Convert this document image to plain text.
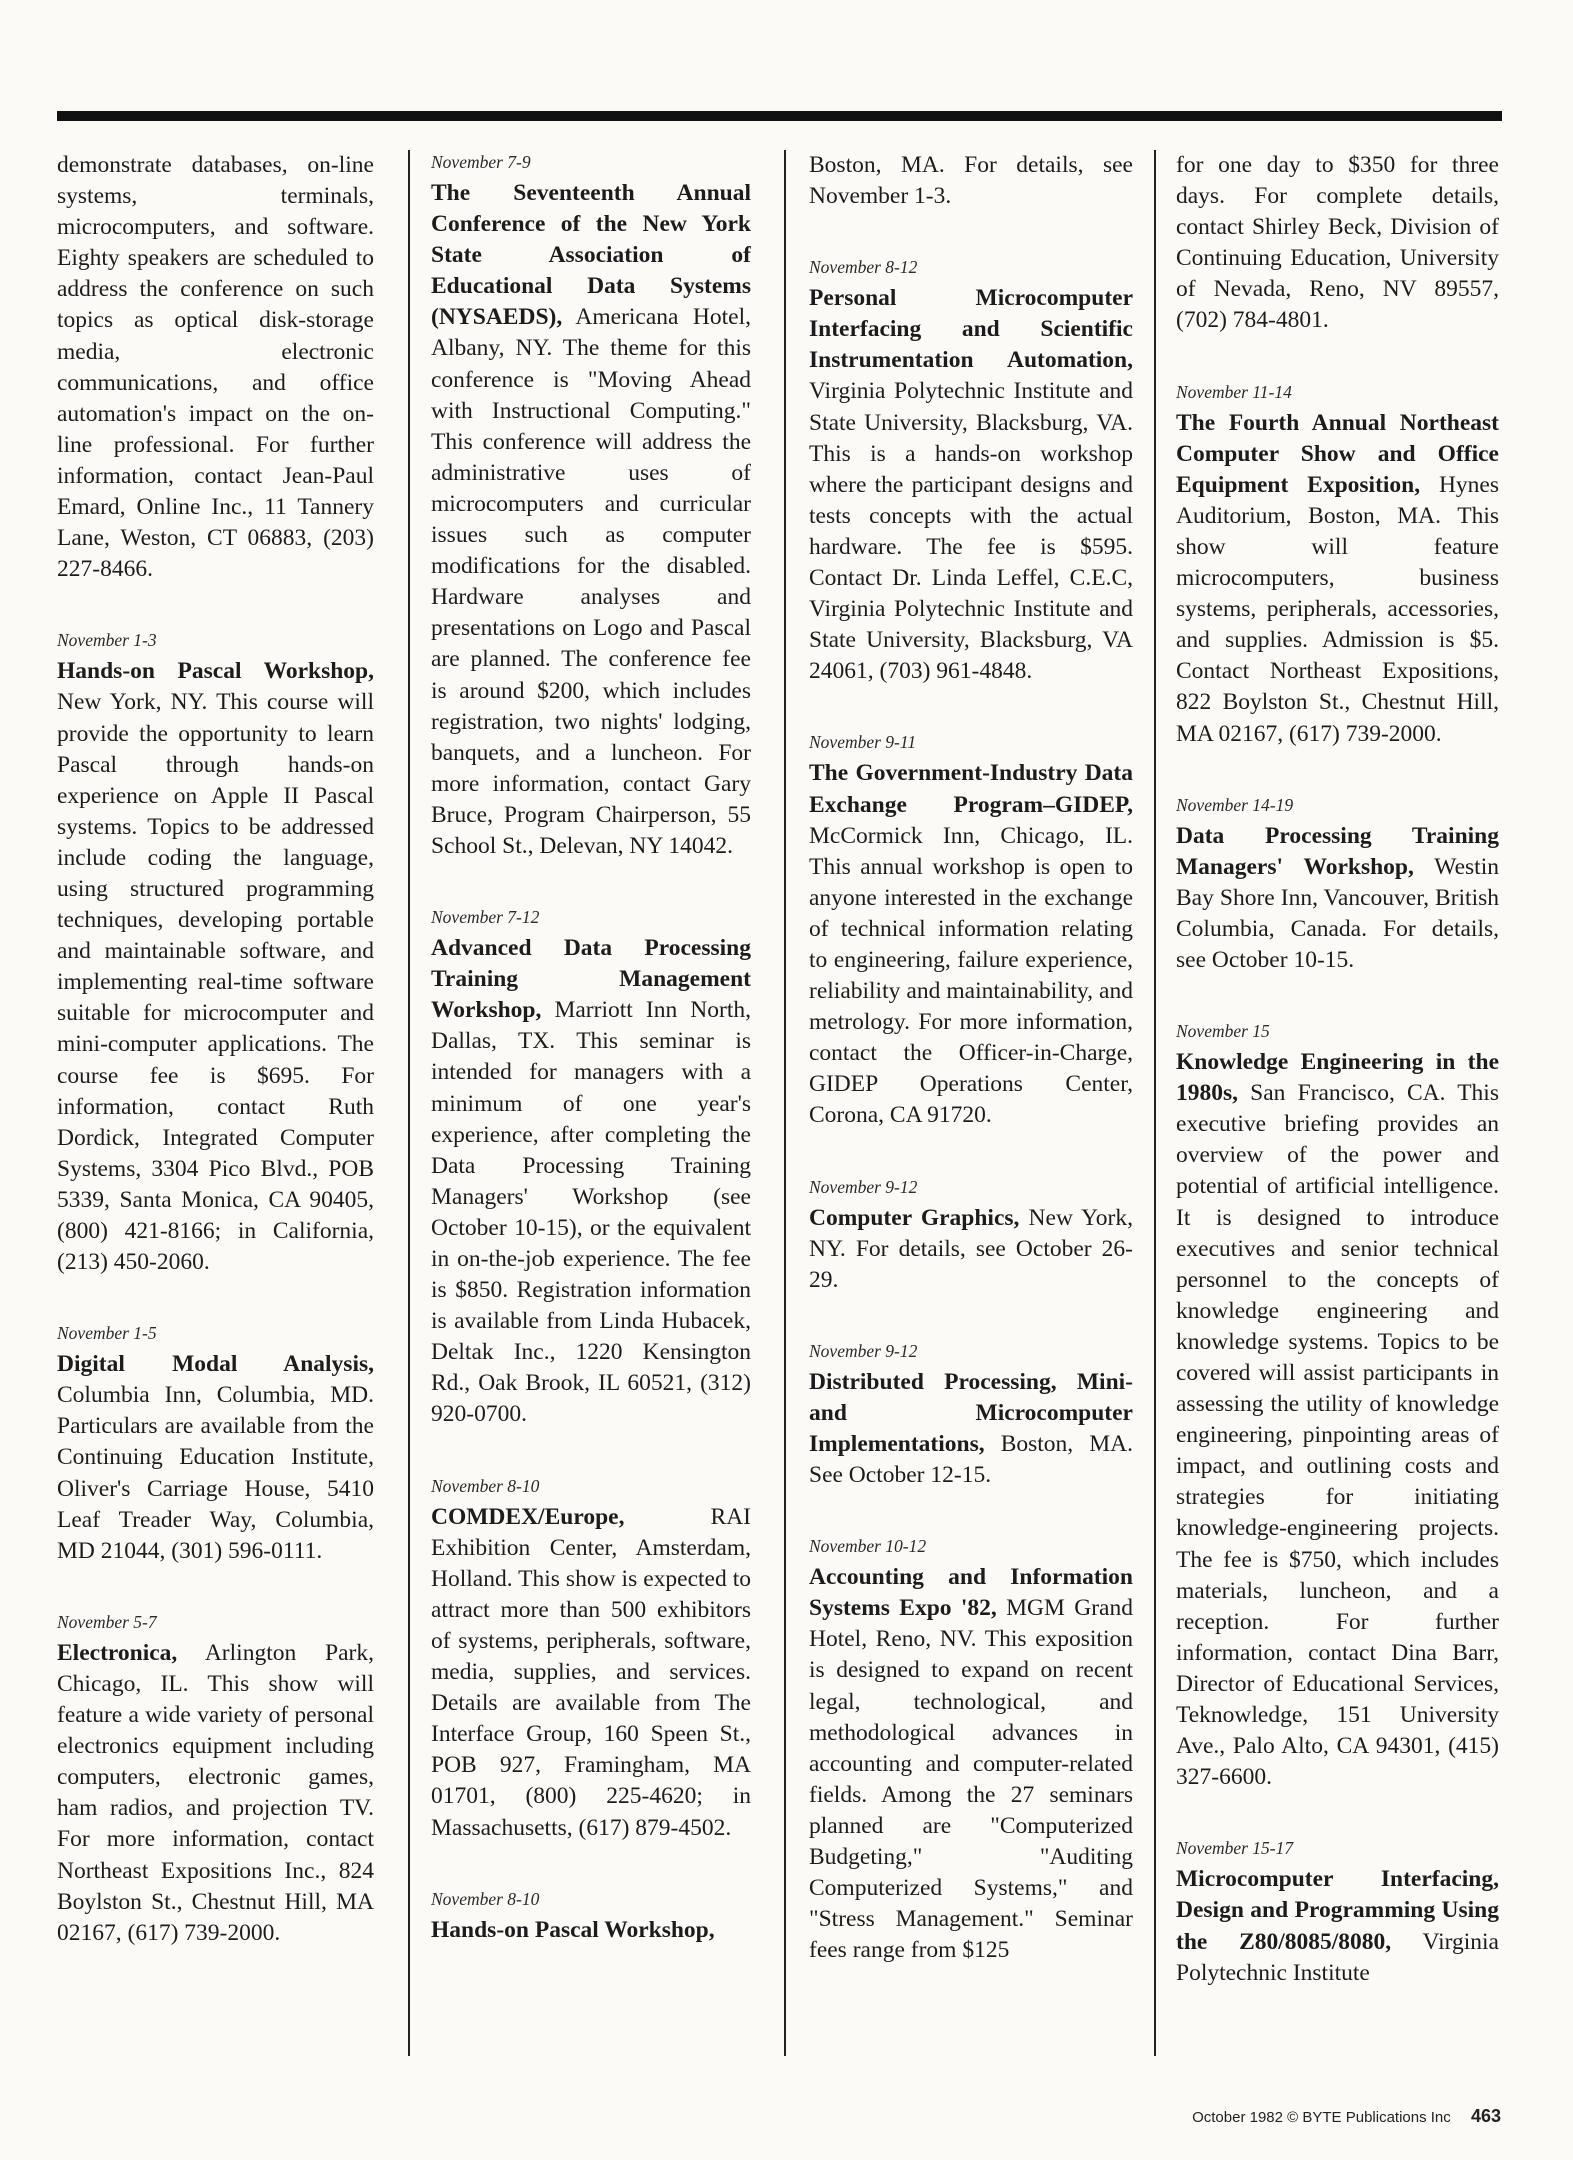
demonstrate databases, on-line systems, terminals, microcomputers, and software. Eighty speakers are scheduled to address the conference on such topics as optical disk-storage media, electronic communications, and office automation's impact on the on-line professional. For further information, contact Jean-Paul Emard, Online Inc., 11 Tannery Lane, Weston, CT 06883, (203) 227-8466.
November 1-3
Hands-on Pascal Workshop, New York, NY. This course will provide the opportunity to learn Pascal through hands-on experience on Apple II Pascal systems. Topics to be addressed include coding the language, using structured programming techniques, developing portable and maintainable software, and implementing real-time software suitable for microcomputer and mini-computer applications. The course fee is $695. For information, contact Ruth Dordick, Integrated Computer Systems, 3304 Pico Blvd., POB 5339, Santa Monica, CA 90405, (800) 421-8166; in California, (213) 450-2060.
November 1-5
Digital Modal Analysis, Columbia Inn, Columbia, MD. Particulars are available from the Continuing Education Institute, Oliver's Carriage House, 5410 Leaf Treader Way, Columbia, MD 21044, (301) 596-0111.
November 5-7
Electronica, Arlington Park, Chicago, IL. This show will feature a wide variety of personal electronics equipment including computers, electronic games, ham radios, and projection TV. For more information, contact Northeast Expositions Inc., 824 Boylston St., Chestnut Hill, MA 02167, (617) 739-2000.
November 7-9
The Seventeenth Annual Conference of the New York State Association of Educational Data Systems (NYSAEDS), Americana Hotel, Albany, NY. The theme for this conference is "Moving Ahead with Instructional Computing." This conference will address the administrative uses of microcomputers and curricular issues such as computer modifications for the disabled. Hardware analyses and presentations on Logo and Pascal are planned. The conference fee is around $200, which includes registration, two nights' lodging, banquets, and a luncheon. For more information, contact Gary Bruce, Program Chairperson, 55 School St., Delevan, NY 14042.
November 7-12
Advanced Data Processing Training Management Workshop, Marriott Inn North, Dallas, TX. This seminar is intended for managers with a minimum of one year's experience, after completing the Data Processing Training Managers' Workshop (see October 10-15), or the equivalent in on-the-job experience. The fee is $850. Registration information is available from Linda Hubacek, Deltak Inc., 1220 Kensington Rd., Oak Brook, IL 60521, (312) 920-0700.
November 8-10
COMDEX/Europe, RAI Exhibition Center, Amsterdam, Holland. This show is expected to attract more than 500 exhibitors of systems, peripherals, software, media, supplies, and services. Details are available from The Interface Group, 160 Speen St., POB 927, Framingham, MA 01701, (800) 225-4620; in Massachusetts, (617) 879-4502.
November 8-10
Hands-on Pascal Workshop,
Boston, MA. For details, see November 1-3.
November 8-12
Personal Microcomputer Interfacing and Scientific Instrumentation Automation, Virginia Polytechnic Institute and State University, Blacksburg, VA. This is a hands-on workshop where the participant designs and tests concepts with the actual hardware. The fee is $595. Contact Dr. Linda Leffel, C.E.C, Virginia Polytechnic Institute and State University, Blacksburg, VA 24061, (703) 961-4848.
November 9-11
The Government-Industry Data Exchange Program–GIDEP, McCormick Inn, Chicago, IL. This annual workshop is open to anyone interested in the exchange of technical information relating to engineering, failure experience, reliability and maintainability, and metrology. For more information, contact the Officer-in-Charge, GIDEP Operations Center, Corona, CA 91720.
November 9-12
Computer Graphics, New York, NY. For details, see October 26-29.
November 9-12
Distributed Processing, Mini- and Microcomputer Implementations, Boston, MA. See October 12-15.
November 10-12
Accounting and Information Systems Expo '82, MGM Grand Hotel, Reno, NV. This exposition is designed to expand on recent legal, technological, and methodological advances in accounting and computer-related fields. Among the 27 seminars planned are "Computerized Budgeting," "Auditing Computerized Systems," and "Stress Management." Seminar fees range from $125
for one day to $350 for three days. For complete details, contact Shirley Beck, Division of Continuing Education, University of Nevada, Reno, NV 89557, (702) 784-4801.
November 11-14
The Fourth Annual Northeast Computer Show and Office Equipment Exposition, Hynes Auditorium, Boston, MA. This show will feature microcomputers, business systems, peripherals, accessories, and supplies. Admission is $5. Contact Northeast Expositions, 822 Boylston St., Chestnut Hill, MA 02167, (617) 739-2000.
November 14-19
Data Processing Training Managers' Workshop, Westin Bay Shore Inn, Vancouver, British Columbia, Canada. For details, see October 10-15.
November 15
Knowledge Engineering in the 1980s, San Francisco, CA. This executive briefing provides an overview of the power and potential of artificial intelligence. It is designed to introduce executives and senior technical personnel to the concepts of knowledge engineering and knowledge systems. Topics to be covered will assist participants in assessing the utility of knowledge engineering, pinpointing areas of impact, and outlining costs and strategies for initiating knowledge-engineering projects. The fee is $750, which includes materials, luncheon, and a reception. For further information, contact Dina Barr, Director of Educational Services, Teknowledge, 151 University Ave., Palo Alto, CA 94301, (415) 327-6600.
November 15-17
Microcomputer Interfacing, Design and Programming Using the Z80/8085/8080, Virginia Polytechnic Institute
October 1982 © BYTE Publications Inc 463
